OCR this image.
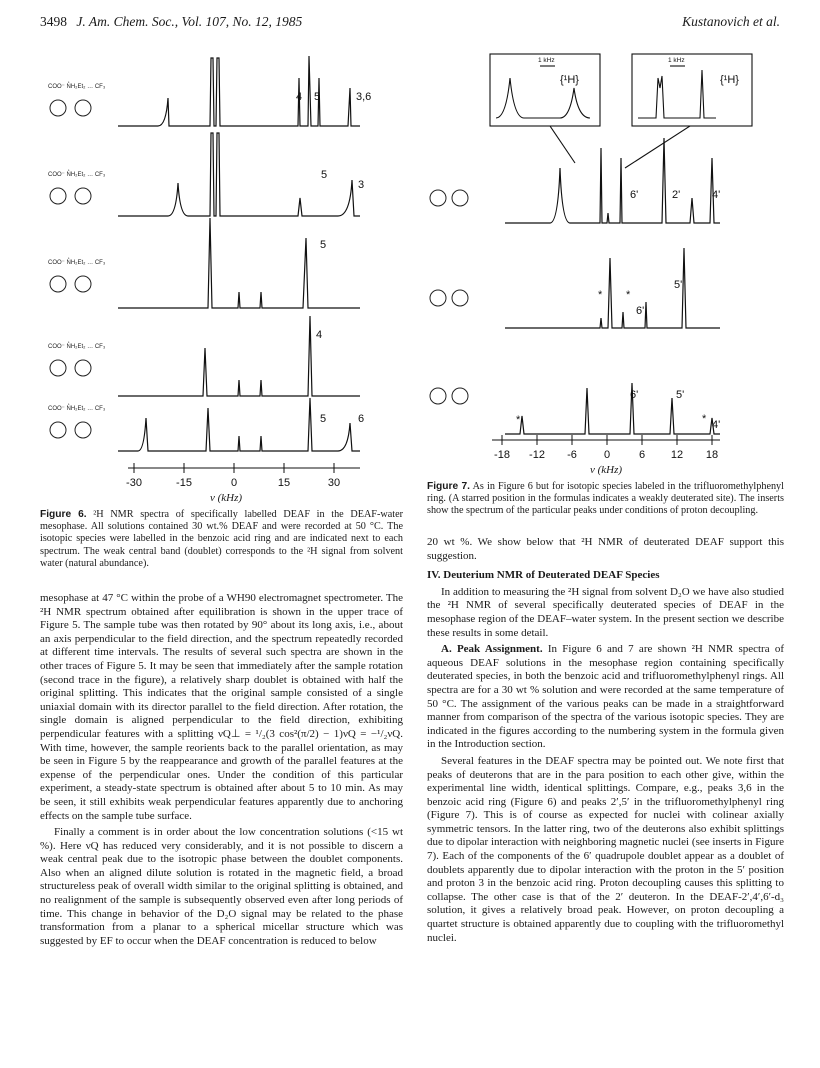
3498 J. Am. Chem. Soc., Vol. 107, No. 12, 1985	Kustanovich et al.
COO⁻ N̊H₂Et₂ … CF₃
COO⁻ N̊H₂Et₂ … CF₃
COO⁻ N̊H₂Et₂ … CF₃
COO⁻ N̊H₂Et₂ … CF₃
COO⁻ N̊H₂Et₂ … CF₃
4 5	3,6
5
3
5
4
5	6
-30	-15	0	15	30
ν (kHz)
Figure 6. ²H NMR spectra of specifically labelled DEAF in the DEAF-water mesophase. All solutions contained 30 wt.% DEAF and were recorded at 50 °C. The isotopic species were labelled in the benzoic acid ring and are indicated next to each spectrum. The weak central band (doublet) corresponds to the ²H signal from solvent water (natural abundance).

mesophase at 47 °C within the probe of a WH90 electromagnet spectrometer. The ²H NMR spectrum obtained after equilibration is shown in the upper trace of Figure 5. The sample tube was then rotated by 90° about its long axis, i.e., about an axis perpendicular to the field direction, and the spectrum repeatedly recorded at different time intervals. The results of several such spectra are shown in the other traces of Figure 5. It may be seen that immediately after the sample rotation (second trace in the figure), a relatively sharp doublet is obtained with half the original splitting. This indicates that the original sample consisted of a single uniaxial domain with its director parallel to the field direction. After rotation, the single domain is aligned perpendicular to the field direction, exhibiting perpendicular features with a splitting νQ⊥ = ¹/₂(3 cos²(π/2) − 1)νQ = −¹/₂νQ. With time, however, the sample reorients back to the parallel orientation, as may be seen in Figure 5 by the reappearance and growth of the parallel features at the expense of the perpendicular ones. Under the condition of this particular experiment, a steady-state spectrum is obtained after about 5 to 10 min. As may be seen, it still exhibits weak perpendicular features apparently due to anchoring effects on the sample tube surface.

Finally a comment is in order about the low concentration solutions (<15 wt %). Here νQ has reduced very considerably, and it is not possible to discern a weak central peak due to the isotropic phase between the doublet components. Also when an aligned dilute solution is rotated in the magnetic field, a broad structureless peak of overall width similar to the original splitting is obtained, and no realignment of the sample is subsequently observed even after long periods of time. This change in behavior of the D₂O signal may be related to the phase transformation from a planar to a spherical micellar structure which was suggested by EF to occur when the DEAF concentration is reduced to below

1 kHz	1 kHz
{¹H}	{¹H}
6'	2'	4'
* *
5'
6'
*
6'	5'
* 4'
-18 -12 -6 0	6 12 18
ν (kHz)
Figure 7. As in Figure 6 but for isotopic species labeled in the trifluoromethylphenyl ring. (A starred position in the formulas indicates a weakly deuterated site). The inserts show the spectrum of the particular peaks under conditions of proton decoupling.

20 wt %. We show below that ²H NMR of deuterated DEAF support this suggestion.

IV. Deuterium NMR of Deuterated DEAF Species

In addition to measuring the ²H signal from solvent D₂O we have also studied the ²H NMR of several specifically deuterated species of DEAF in the mesophase region of the DEAF–water system. In the present section we describe these results in some detail.

A. Peak Assignment. In Figure 6 and 7 are shown ²H NMR spectra of aqueous DEAF solutions in the mesophase region containing specifically deuterated species, in both the benzoic acid and trifluoromethylphenyl rings. All spectra are for a 30 wt % solution and were recorded at the same temperature of 50 °C. The assignment of the various peaks can be made in a straightforward manner from comparison of the spectra of the various isotopic species. They are indicated in the figures according to the numbering system in the formula given in the Introduction section.

Several features in the DEAF spectra may be pointed out. We note first that peaks of deuterons that are in the para position to each other give, within the experimental line width, identical splittings. Compare, e.g., peaks 3,6 in the benzoic acid ring (Figure 6) and peaks 2′,5′ in the trifluoromethylphenyl ring (Figure 7). This is of course as expected for nuclei with colinear axially symmetric tensors. In the latter ring, two of the deuterons also exhibit splittings due to dipolar interaction with neighboring magnetic nuclei (see inserts in Figure 7). Each of the components of the 6′ quadrupole doublet appear as a doublet of doublets apparently due to dipolar interaction with the proton in the 5′ position and proton 3 in the benzoic acid ring. Proton decoupling causes this splitting to collapse. The other case is that of the 2′ deuteron. In the DEAF-2′,4′,6′-d₃ solution, it gives a relatively broad peak. However, on proton decoupling a quartet structure is obtained apparently due to coupling with the trifluoromethyl nuclei.
